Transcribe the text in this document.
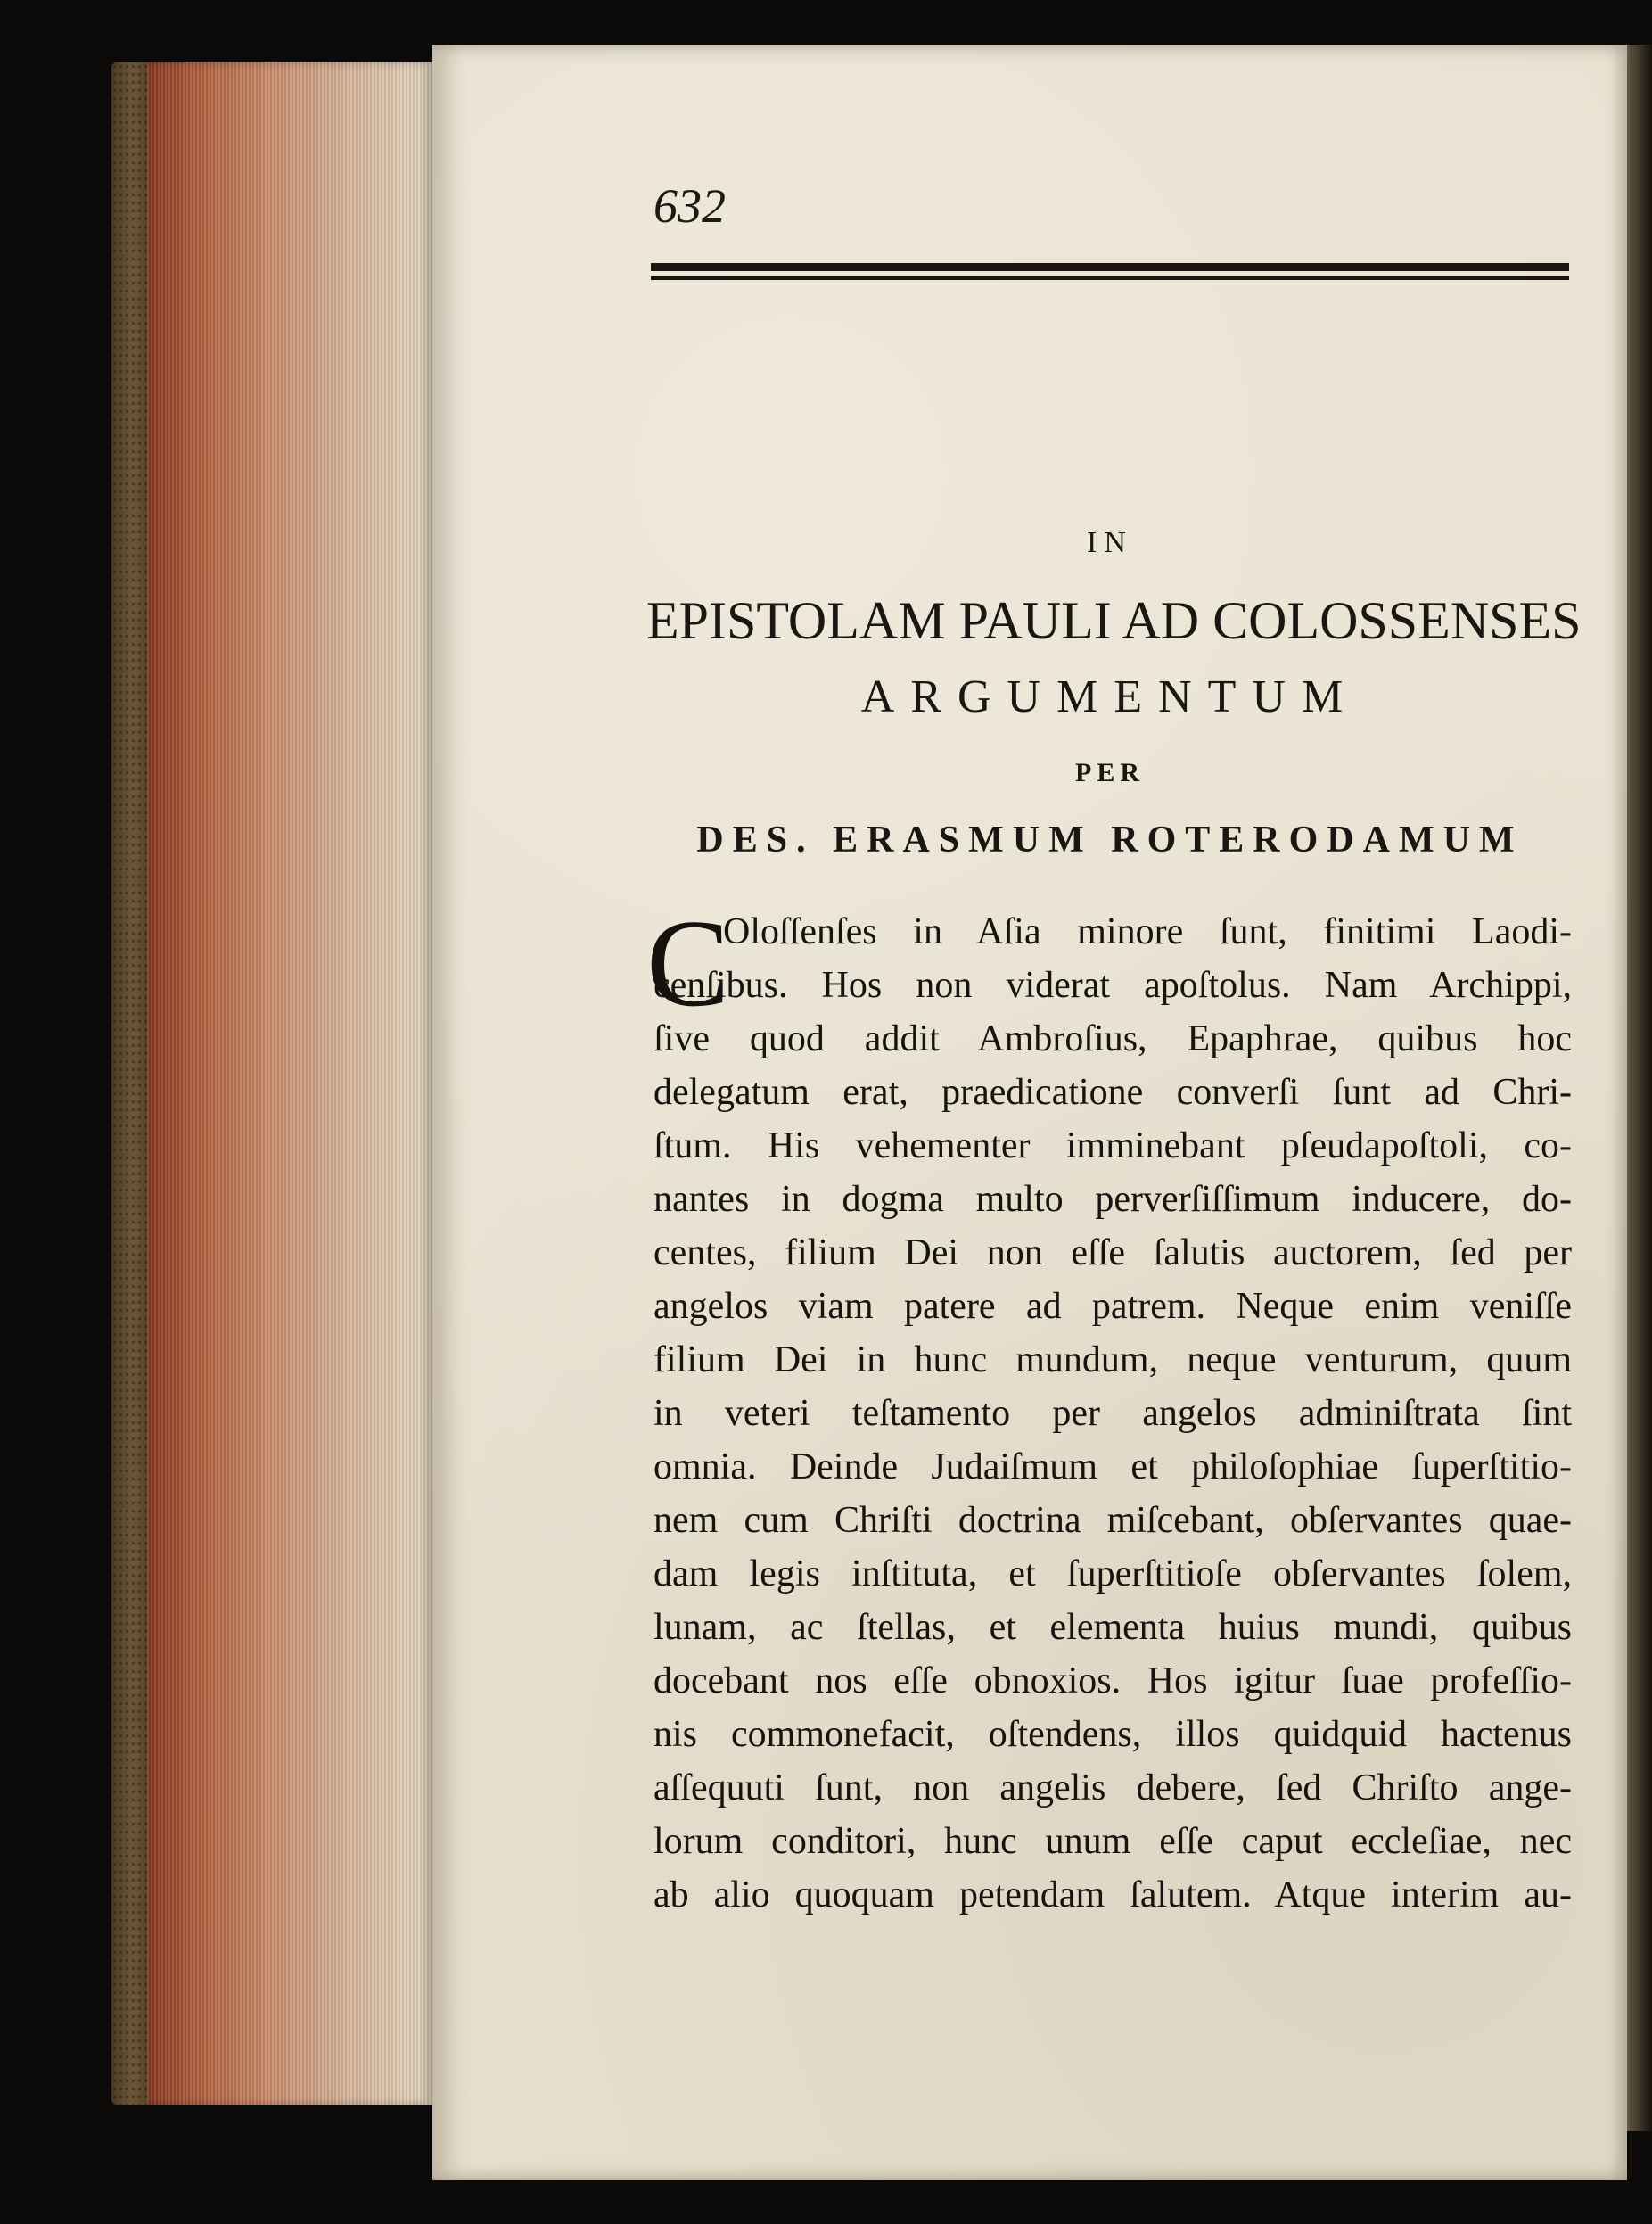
632
IN
EPISTOLAM PAULI AD COLOSSENSES
ARGUMENTUM
PER
DES. ERASMUM ROTERODAMUM
C
Oloſſenſes in Aſia minore ſunt, finitimi Laodi-
cenſibus. Hos non viderat apoſtolus. Nam Archippi,
ſive quod addit Ambroſius, Epaphrae, quibus hoc
delegatum erat, praedicatione converſi ſunt ad Chri-
ſtum. His vehementer imminebant pſeudapoſtoli, co-
nantes in dogma multo perverſiſſimum inducere, do-
centes, filium Dei non eſſe ſalutis auctorem, ſed per
angelos viam patere ad patrem. Neque enim veniſſe
filium Dei in hunc mundum, neque venturum, quum
in veteri teſtamento per angelos adminiſtrata ſint
omnia. Deinde Judaiſmum et philoſophiae ſuperſtitio-
nem cum Chriſti doctrina miſcebant, obſervantes quae-
dam legis inſtituta, et ſuperſtitioſe obſervantes ſolem,
lunam, ac ſtellas, et elementa huius mundi, quibus
docebant nos eſſe obnoxios. Hos igitur ſuae profeſſio-
nis commonefacit, oſtendens, illos quidquid hactenus
aſſequuti ſunt, non angelis debere, ſed Chriſto ange-
lorum conditori, hunc unum eſſe caput eccleſiae, nec
ab alio quoquam petendam ſalutem. Atque interim au-
